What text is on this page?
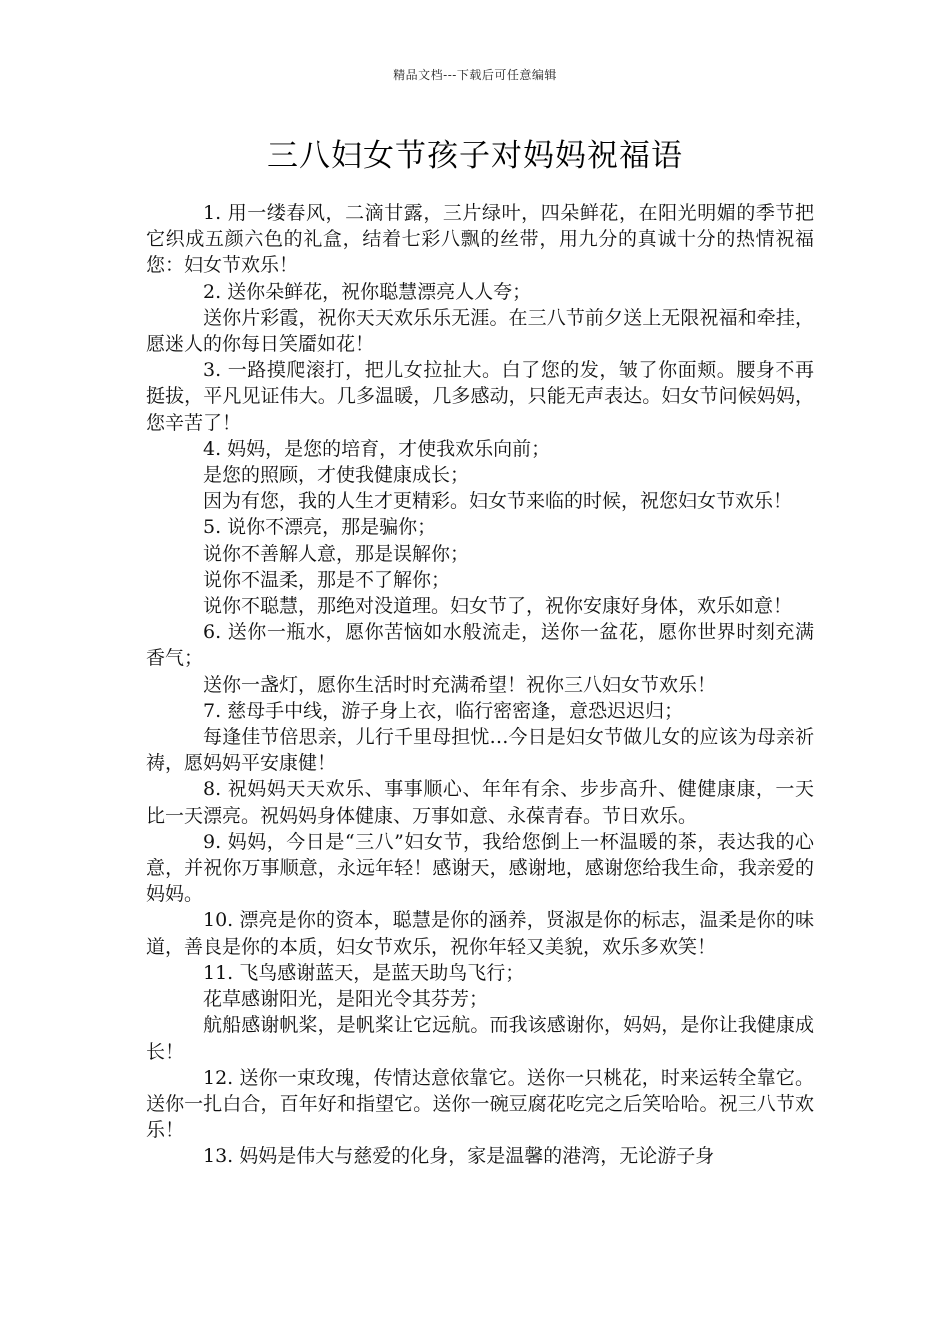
精品文档---下载后可任意编辑
三八妇女节孩子对妈妈祝福语

1. 用一缕春风，二滴甘露，三片绿叶，四朵鲜花，在阳光明媚的季节把它织成五颜六色的礼盒，结着七彩八飘的丝带，用九分的真诚十分的热情祝福您：妇女节欢乐！

2. 送你朵鲜花，祝你聪慧漂亮人人夸；

送你片彩霞，祝你天天欢乐乐无涯。在三八节前夕送上无限祝福和牵挂，愿迷人的你每日笑靥如花！

3. 一路摸爬滚打，把儿女拉扯大。白了您的发，皱了你面颊。腰身不再挺拔，平凡见证伟大。几多温暖，几多感动，只能无声表达。妇女节问候妈妈，您辛苦了！

4. 妈妈，是您的培育，才使我欢乐向前；

是您的照顾，才使我健康成长；

因为有您，我的人生才更精彩。妇女节来临的时候，祝您妇女节欢乐！

5. 说你不漂亮，那是骗你；

说你不善解人意，那是误解你；

说你不温柔，那是不了解你；

说你不聪慧，那绝对没道理。妇女节了，祝你安康好身体，欢乐如意！

6. 送你一瓶水，愿你苦恼如水般流走，送你一盆花，愿你世界时刻充满香气；

送你一盏灯，愿你生活时时充满希望！祝你三八妇女节欢乐！

7. 慈母手中线，游子身上衣，临行密密逢，意恐迟迟归；

每逢佳节倍思亲，儿行千里母担忧…今日是妇女节做儿女的应该为母亲祈祷，愿妈妈平安康健！

8. 祝妈妈天天欢乐、事事顺心、年年有余、步步高升、健健康康，一天比一天漂亮。祝妈妈身体健康、万事如意、永葆青春。节日欢乐。

9. 妈妈，今日是“三八”妇女节，我给您倒上一杯温暖的茶，表达我的心意，并祝你万事顺意，永远年轻！感谢天，感谢地，感谢您给我生命，我亲爱的妈妈。

10. 漂亮是你的资本，聪慧是你的涵养，贤淑是你的标志，温柔是你的味道，善良是你的本质，妇女节欢乐，祝你年轻又美貌，欢乐多欢笑！

11. 飞鸟感谢蓝天，是蓝天助鸟飞行；

花草感谢阳光，是阳光令其芬芳；

航船感谢帆桨，是帆桨让它远航。而我该感谢你，妈妈，是你让我健康成长！

12. 送你一束玫瑰，传情达意依靠它。送你一只桃花，时来运转全靠它。送你一扎白合，百年好和指望它。送你一碗豆腐花吃完之后笑哈哈。祝三八节欢乐！

13. 妈妈是伟大与慈爱的化身，家是温馨的港湾，无论游子身
